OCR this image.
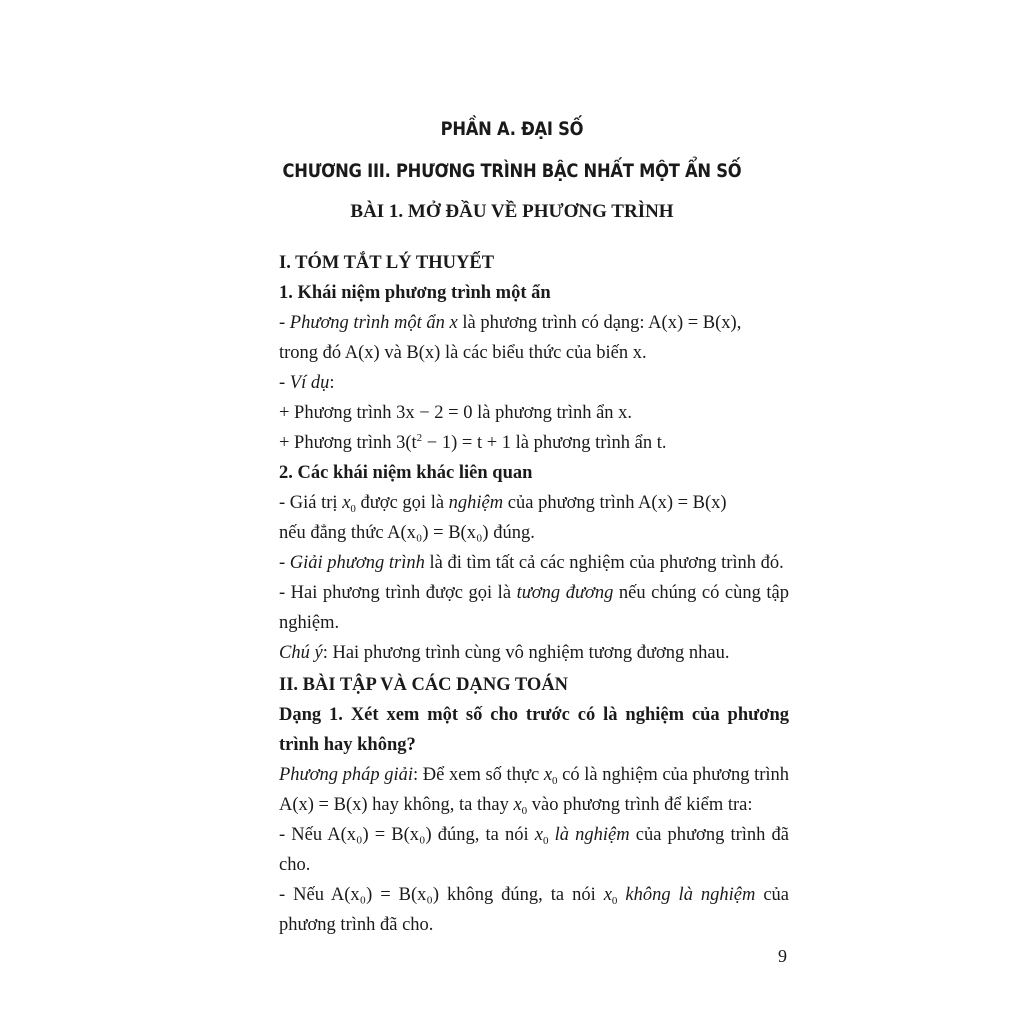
PHẦN A. ĐẠI SỐ
CHƯƠNG III. PHƯƠNG TRÌNH BẬC NHẤT MỘT ẨN SỐ
BÀI 1. MỞ ĐẦU VỀ PHƯƠNG TRÌNH

I. TÓM TẮT LÝ THUYẾT

1. Khái niệm phương trình một ẩn

- Phương trình một ẩn x là phương trình có dạng: A(x) = B(x),

trong đó A(x) và B(x) là các biểu thức của biến x.

- Ví dụ:

+ Phương trình 3x − 2 = 0 là phương trình ẩn x.

+ Phương trình $3(t^2 - 1) = t + 1$ là phương trình ẩn t.

2. Các khái niệm khác liên quan

- Giá trị $x_0$ được gọi là nghiệm của phương trình A(x) = B(x)

nếu đẳng thức A(x₀) = B(x₀) đúng.

- Giải phương trình là đi tìm tất cả các nghiệm của phương trình đó.

- Hai phương trình được gọi là tương đương nếu chúng có cùng tập nghiệm.

Chú ý: Hai phương trình cùng vô nghiệm tương đương nhau.

II. BÀI TẬP VÀ CÁC DẠNG TOÁN

Dạng 1. Xét xem một số cho trước có là nghiệm của phương trình hay không?

Phương pháp giải: Để xem số thực $x_0$ có là nghiệm của phương trình

A(x) = B(x) hay không, ta thay $x_0$ vào phương trình để kiểm tra:

- Nếu A(x₀) = B(x₀) đúng, ta nói $x_0$ là nghiệm của phương trình đã cho.

- Nếu A(x₀) = B(x₀) không đúng, ta nói $x_0$ không là nghiệm của phương trình đã cho.

9
